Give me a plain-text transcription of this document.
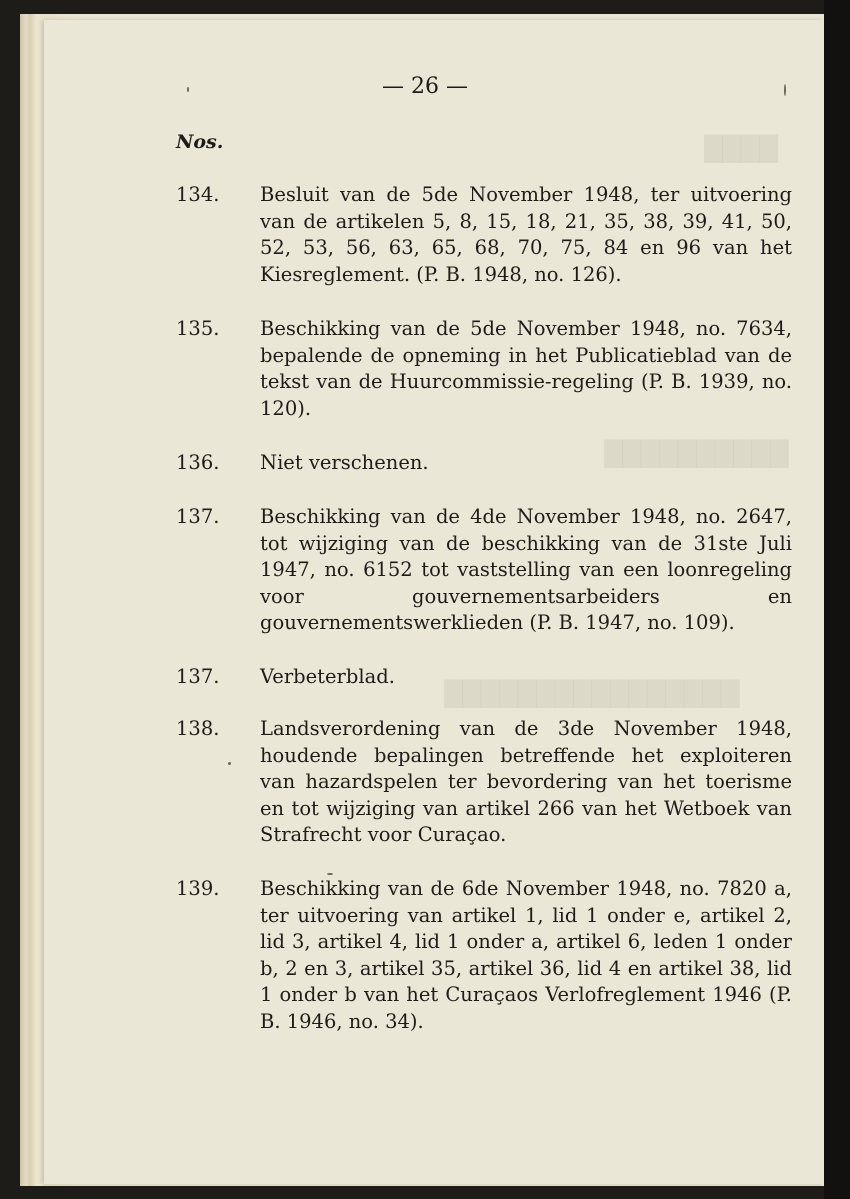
████
██████████
████████████████
— 26 —
Nos.
134.	Besluit van de 5de November 1948, ter uitvoering van de artikelen 5, 8, 15, 18, 21, 35, 38, 39, 41, 50, 52, 53, 56, 63, 65, 68, 70, 75, 84 en 96 van het Kiesreglement. (P. B. 1948, no. 126).
135.	Beschikking van de 5de November 1948, no. 7634, bepalende de opneming in het Publicatieblad van de tekst van de Huurcommissie-regeling (P. B. 1939, no. 120).
136.	Niet verschenen.
137.	Beschikking van de 4de November 1948, no. 2647, tot wijziging van de beschikking van de 31ste Juli 1947, no. 6152 tot vaststelling van een loonregeling voor gouvernementsarbeiders en gouvernementswerklieden (P. B. 1947, no. 109).
137.	Verbeterblad.
138.	Landsverordening van de 3de November 1948, houdende bepalingen betreffende het exploiteren van hazardspelen ter bevordering van het toerisme en tot wijziging van artikel 266 van het Wetboek van Strafrecht voor Curaçao.
139.	Beschikking van de 6de November 1948, no. 7820 a, ter uitvoering van artikel 1, lid 1 onder e, artikel 2, lid 3, artikel 4, lid 1 onder a, artikel 6, leden 1 onder b, 2 en 3, artikel 35, artikel 36, lid 4 en artikel 38, lid 1 onder b van het Curaçaos Verlofreglement 1946 (P. B. 1946, no. 34).
